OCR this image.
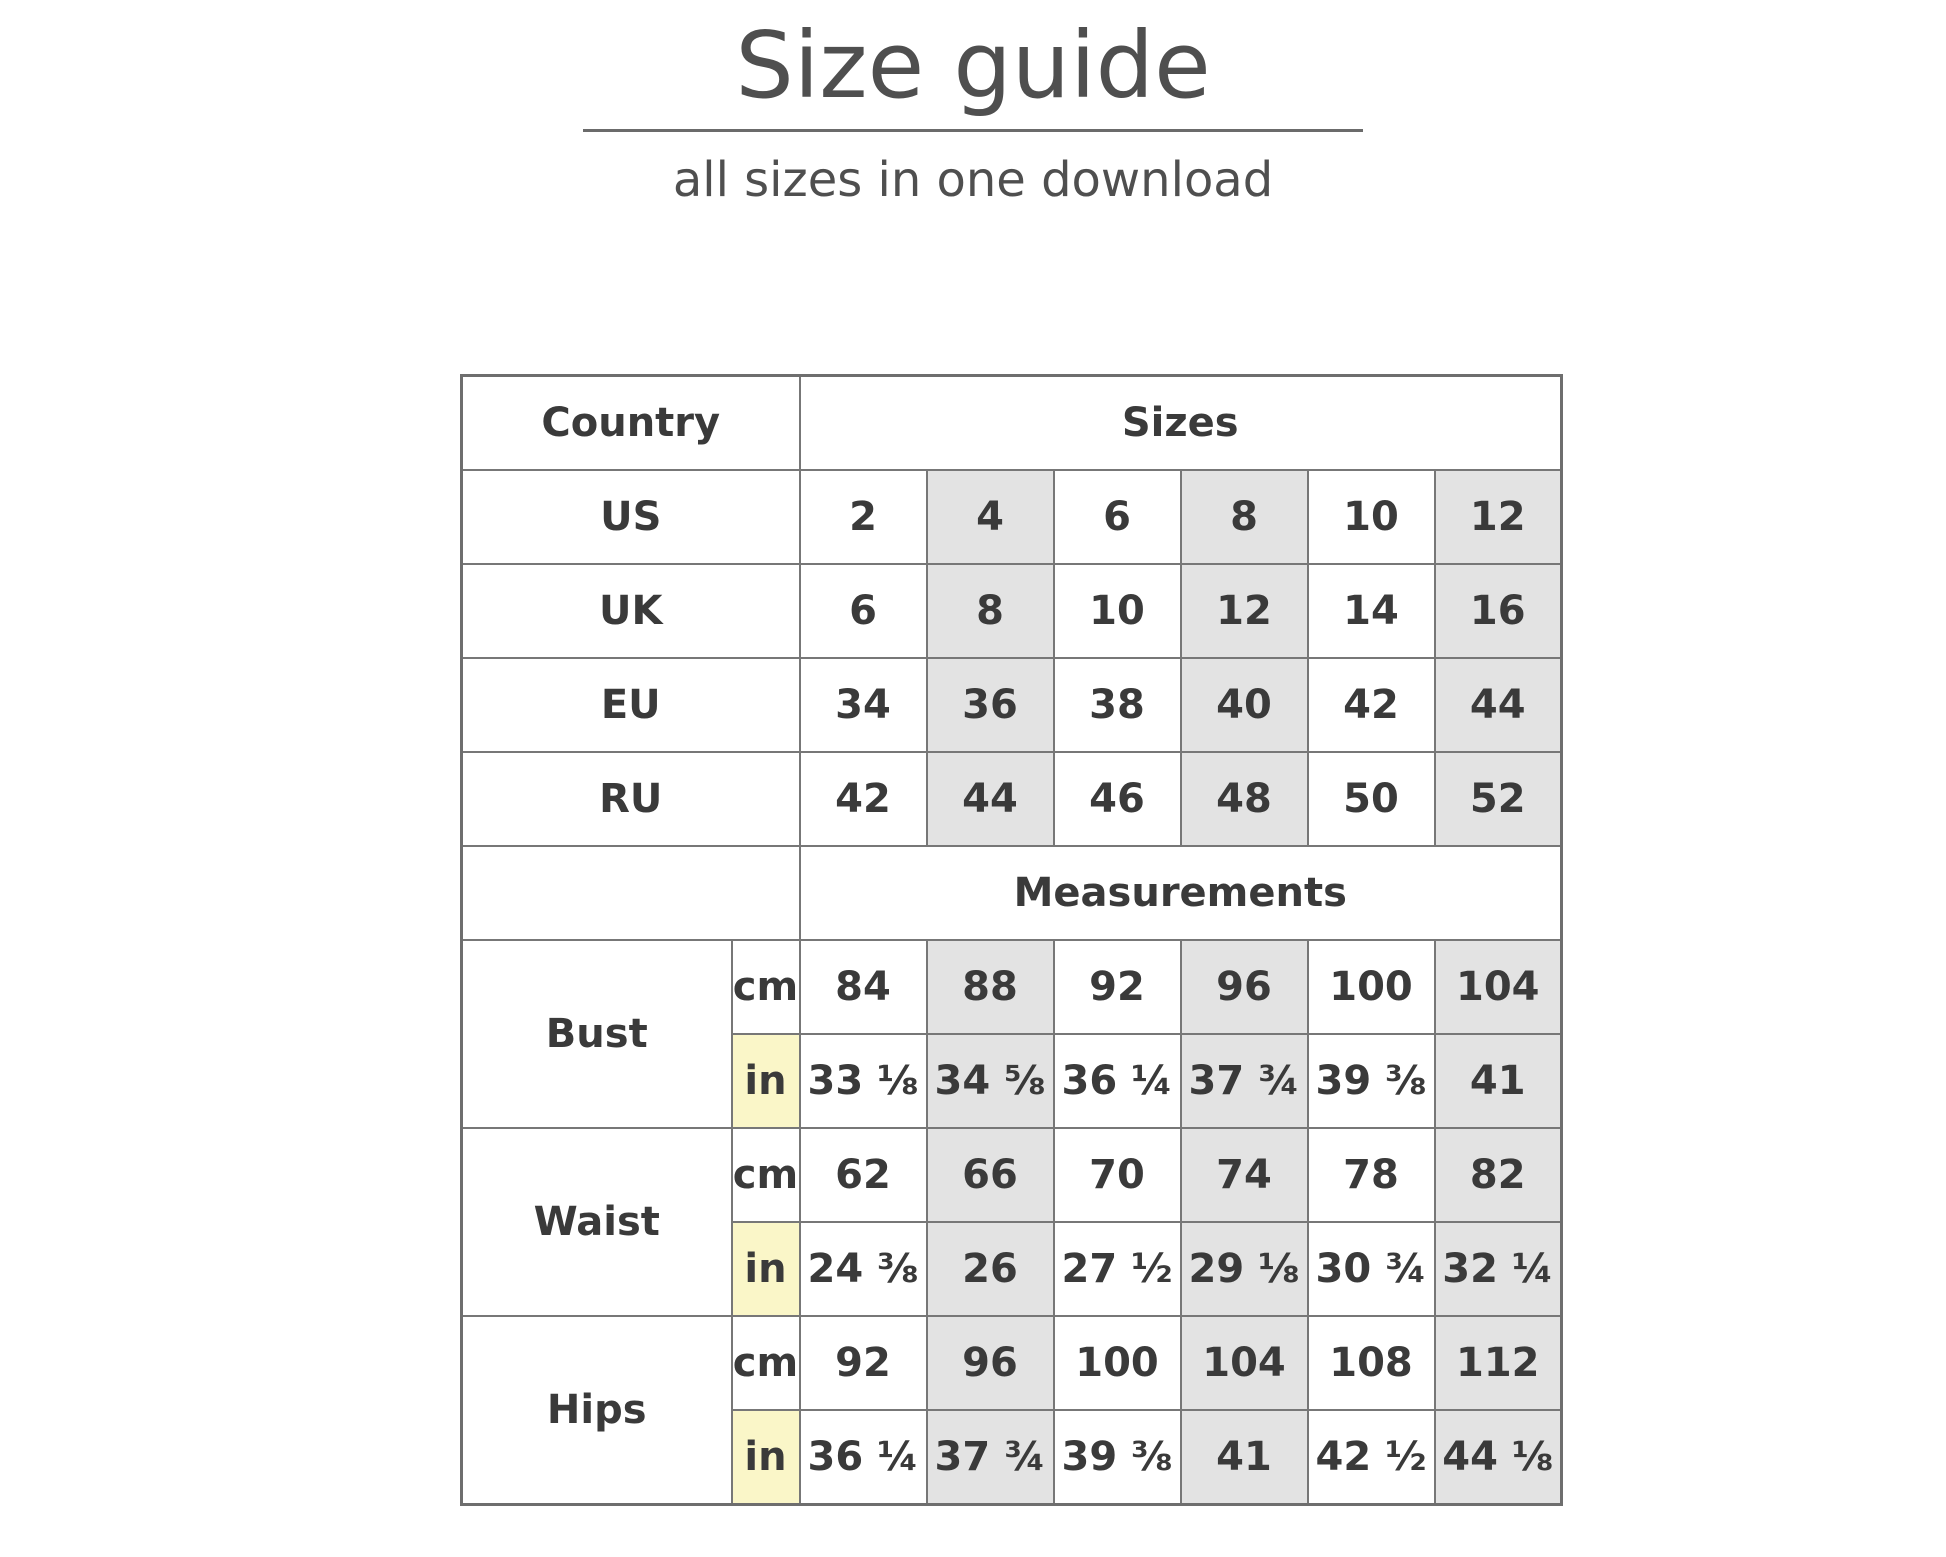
Size guide
all sizes in one download
Country		Sizes					
US		2	4	6	8	10	12
UK		6	8	10	12	14	16
EU		34	36	38	40	42	44
RU		42	44	46	48	50	52
		Measurements					
Bust	cm	84	88	92	96	100	104
	in	33 ⅛	34 ⅝	36 ¼	37 ¾	39 ⅜	41
Waist	cm	62	66	70	74	78	82
	in	24 ⅜	26	27 ½	29 ⅛	30 ¾	32 ¼
Hips	cm	92	96	100	104	108	112
	in	36 ¼	37 ¾	39 ⅜	41	42 ½	44 ⅛
